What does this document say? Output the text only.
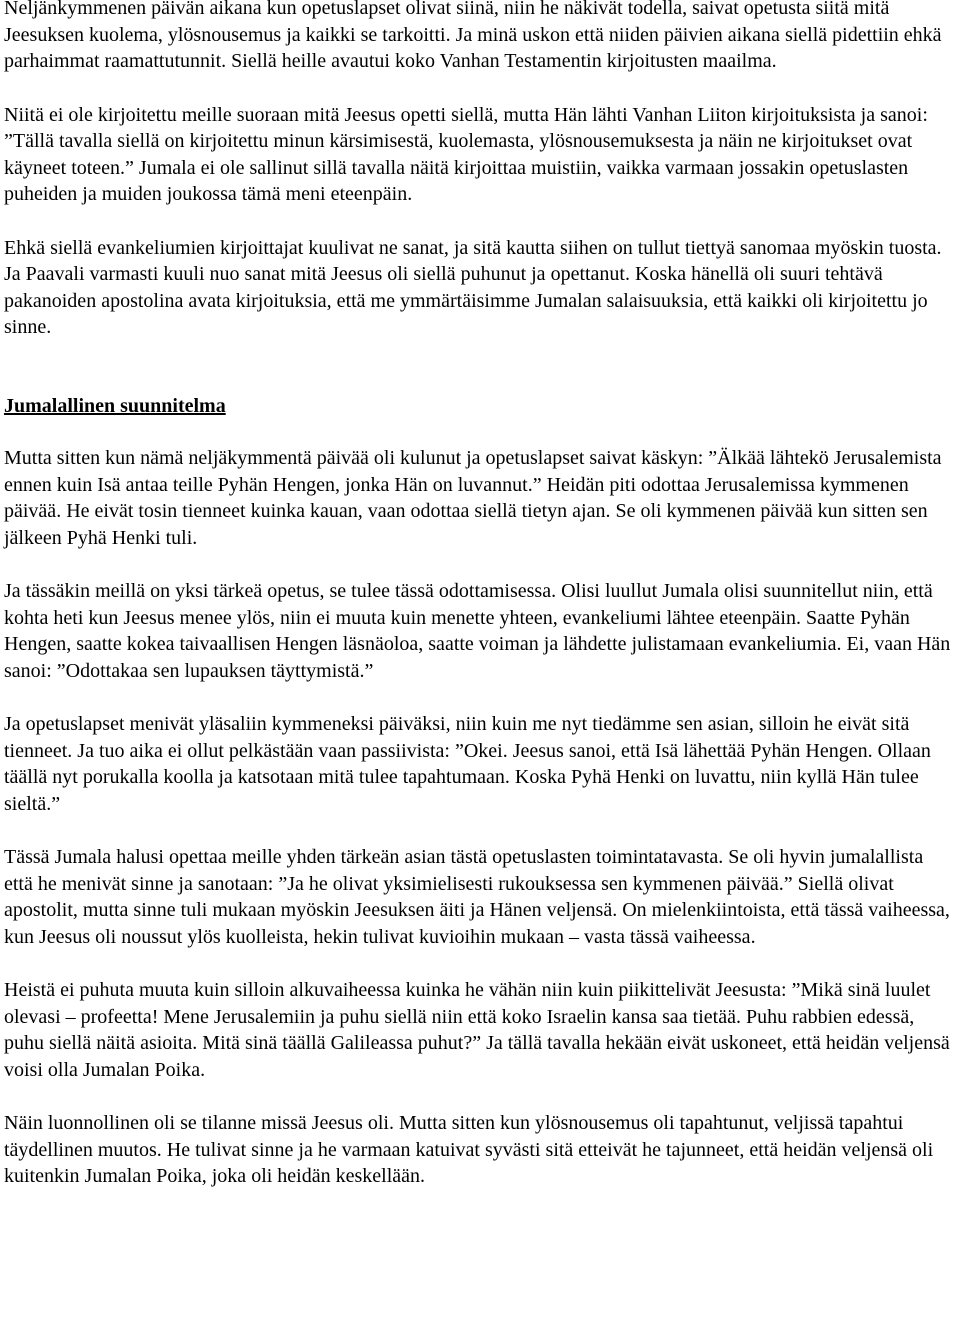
Neljänkymmenen päivän aikana kun opetuslapset olivat siinä, niin he näkivät todella, saivat opetusta siitä mitä Jeesuksen kuolema, ylösnousemus ja kaikki se tarkoitti. Ja minä uskon että niiden päivien aikana siellä pidettiin ehkä parhaimmat raamattutunnit. Siellä heille avautui koko Vanhan Testamentin kirjoitusten maailma.

Niitä ei ole kirjoitettu meille suoraan mitä Jeesus opetti siellä, mutta Hän lähti Vanhan Liiton kirjoituksista ja sanoi: ”Tällä tavalla siellä on kirjoitettu minun kärsimisestä, kuolemasta, ylösnousemuksesta ja näin ne kirjoitukset ovat käyneet toteen.” Jumala ei ole sallinut sillä tavalla näitä kirjoittaa muistiin, vaikka varmaan jossakin opetuslasten puheiden ja muiden joukossa tämä meni eteenpäin.

Ehkä siellä evankeliumien kirjoittajat kuulivat ne sanat, ja sitä kautta siihen on tullut tiettyä sanomaa myöskin tuosta. Ja Paavali varmasti kuuli nuo sanat mitä Jeesus oli siellä puhunut ja opettanut. Koska hänellä oli suuri tehtävä pakanoiden apostolina avata kirjoituksia, että me ymmärtäisimme Jumalan salaisuuksia, että kaikki oli kirjoitettu jo sinne.

Jumalallinen suunnitelma

Mutta sitten kun nämä neljäkymmentä päivää oli kulunut ja opetuslapset saivat käskyn: ”Älkää lähtekö Jerusalemista ennen kuin Isä antaa teille Pyhän Hengen, jonka Hän on luvannut.” Heidän piti odottaa Jerusalemissa kymmenen päivää. He eivät tosin tienneet kuinka kauan, vaan odottaa siellä tietyn ajan. Se oli kymmenen päivää kun sitten sen jälkeen Pyhä Henki tuli.

Ja tässäkin meillä on yksi tärkeä opetus, se tulee tässä odottamisessa. Olisi luullut Jumala olisi suunnitellut niin, että kohta heti kun Jeesus menee ylös, niin ei muuta kuin menette yhteen, evankeliumi lähtee eteenpäin. Saatte Pyhän Hengen, saatte kokea taivaallisen Hengen läsnäoloa, saatte voiman ja lähdette julistamaan evankeliumia. Ei, vaan Hän sanoi: ”Odottakaa sen lupauksen täyttymistä.”

Ja opetuslapset menivät yläsaliin kymmeneksi päiväksi, niin kuin me nyt tiedämme sen asian, silloin he eivät sitä tienneet. Ja tuo aika ei ollut pelkästään vaan passiivista: ”Okei. Jeesus sanoi, että Isä lähettää Pyhän Hengen. Ollaan täällä nyt porukalla koolla ja katsotaan mitä tulee tapahtumaan. Koska Pyhä Henki on luvattu, niin kyllä Hän tulee sieltä.”

Tässä Jumala halusi opettaa meille yhden tärkeän asian tästä opetuslasten toimintatavasta. Se oli hyvin jumalallista että he menivät sinne ja sanotaan: ”Ja he olivat yksimielisesti rukouksessa sen kymmenen päivää.” Siellä olivat apostolit, mutta sinne tuli mukaan myöskin Jeesuksen äiti ja Hänen veljensä. On mielenkiintoista, että tässä vaiheessa, kun Jeesus oli noussut ylös kuolleista, hekin tulivat kuvioihin mukaan – vasta tässä vaiheessa.

Heistä ei puhuta muuta kuin silloin alkuvaiheessa kuinka he vähän niin kuin piikittelivät Jeesusta: ”Mikä sinä luulet olevasi – profeetta! Mene Jerusalemiin ja puhu siellä niin että koko Israelin kansa saa tietää. Puhu rabbien edessä, puhu siellä näitä asioita. Mitä sinä täällä Galileassa puhut?” Ja tällä tavalla hekään eivät uskoneet, että heidän veljensä voisi olla Jumalan Poika.

Näin luonnollinen oli se tilanne missä Jeesus oli. Mutta sitten kun ylösnousemus oli tapahtunut, veljissä tapahtui täydellinen muutos. He tulivat sinne ja he varmaan katuivat syvästi sitä etteivät he tajunneet, että heidän veljensä oli kuitenkin Jumalan Poika, joka oli heidän keskellään.
